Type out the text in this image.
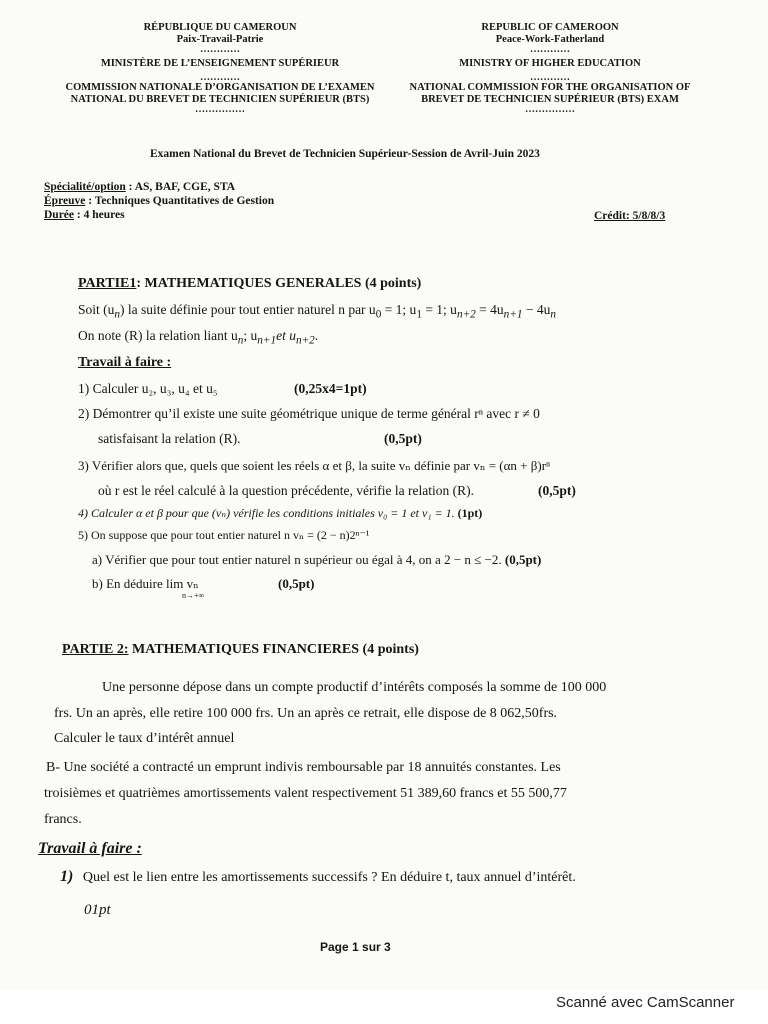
RÉPUBLIQUE DU CAMEROUN
Paix-Travail-Patrie
…………
MINISTÈRE DE L’ENSEIGNEMENT SUPÉRIEUR
…………
COMMISSION NATIONALE D’ORGANISATION DE L’EXAMEN
NATIONAL DU BREVET DE TECHNICIEN SUPÉRIEUR (BTS)
……………
REPUBLIC OF CAMEROON
Peace-Work-Fatherland
…………
MINISTRY OF HIGHER EDUCATION
…………
NATIONAL COMMISSION FOR THE ORGANISATION OF
BREVET DE TECHNICIEN SUPÉRIEUR (BTS) EXAM
……………
Examen National du Brevet de Technicien Supérieur-Session de Avril-Juin 2023
Spécialité/option : AS, BAF, CGE, STA
Épreuve : Techniques Quantitatives de Gestion
Durée : 4 heures	Crédit: 5/8/8/3
PARTIE1: MATHEMATIQUES GENERALES (4 points)
Soit $(u_n)$ la suite définie pour tout entier naturel n par $u_0 = 1$; $u_1 = 1$; $u_{n+2} = 4u_{n+1} - 4u_n$
On note (R) la relation liant $u_n$; $u_{n+1}et$ $u_{n+2}$.
Travail à faire :
1) Calculer u₂, u₃, u₄ et u₅	(0,25x4=1pt)
2) Démontrer qu’il existe une suite géométrique unique de terme général rⁿ avec r ≠ 0
satisfaisant la relation (R).	(0,5pt)
3) Vérifier alors que, quels que soient les réels α et β, la suite vₙ définie par vₙ = (αn + β)rⁿ
où r est le réel calculé à la question précédente, vérifie la relation (R).	(0,5pt)
4) Calculer α et β pour que (vₙ) vérifie les conditions initiales v₀ = 1 et v₁ = 1. (1pt)
5) On suppose que pour tout entier naturel n vₙ = (2 − n)2ⁿ⁻¹
a) Vérifier que pour tout entier naturel n supérieur ou égal à 4, on a 2 − n ≤ −2. (0,5pt)
b) En déduire lim vₙ	(0,5pt)
n→+∞
PARTIE 2: MATHEMATIQUES FINANCIERES (4 points)
Une personne dépose dans un compte productif d’intérêts composés la somme de 100 000
frs. Un an après, elle retire 100 000 frs. Un an après ce retrait, elle dispose de 8 062,50frs.
Calculer le taux d’intérêt annuel
B- Une société a contracté un emprunt indivis remboursable par 18 annuités constantes. Les
troisièmes et quatrièmes amortissements valent respectivement 51 389,60 francs et 55 500,77
francs.
Travail à faire :
1) Quel est le lien entre les amortissements successifs ? En déduire t, taux annuel d’intérêt.
01pt
Page 1 sur 3
Scanné avec CamScanner
